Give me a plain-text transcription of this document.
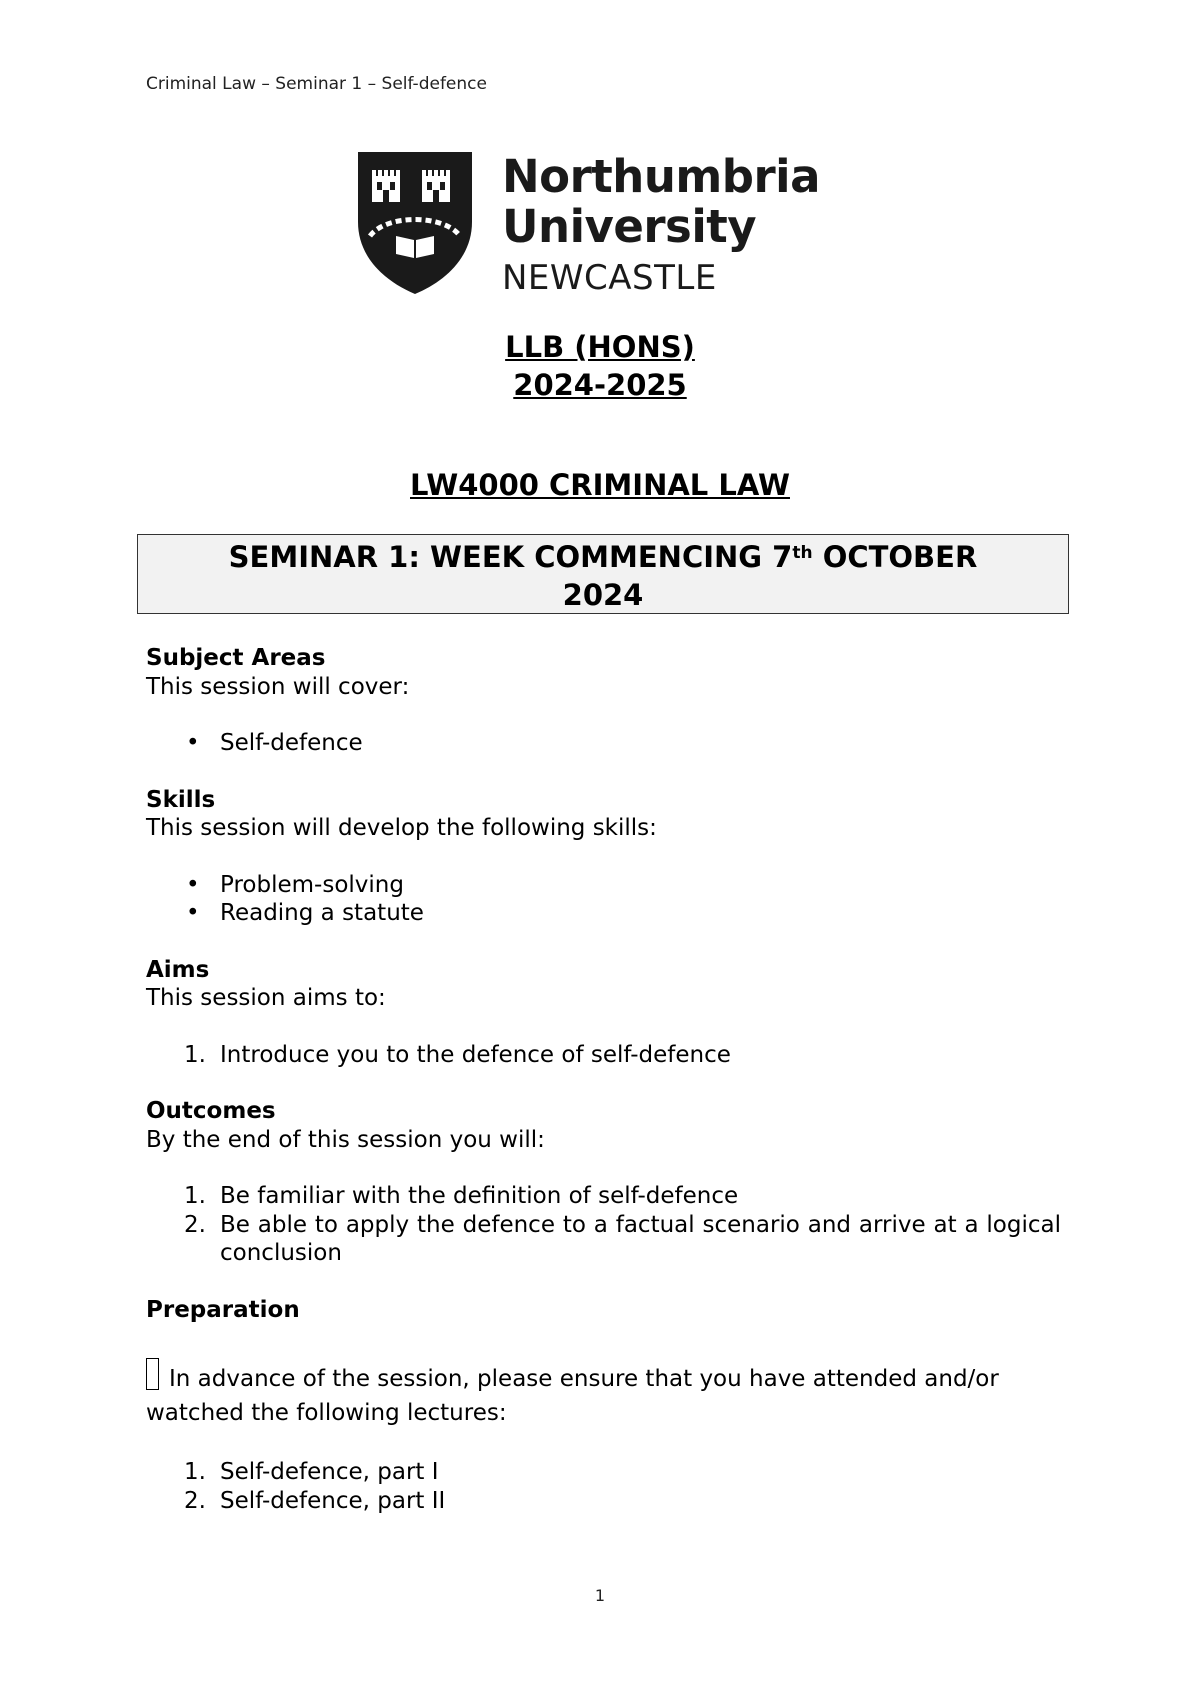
Criminal Law – Seminar 1 – Self-defence
Northumbria
University
NEWCASTLE
LLB (HONS)
2024-2025
LW4000 CRIMINAL LAW
SEMINAR 1: WEEK COMMENCING 7th OCTOBER
2024
Subject Areas
This session will cover:
• Self-defence
Skills
This session will develop the following skills:
• Problem-solving
• Reading a statute
Aims
This session aims to:
1. Introduce you to the defence of self-defence
Outcomes
By the end of this session you will:
1. Be familiar with the definition of self-defence
2. Be able to apply the defence to a factual scenario and arrive at a logical conclusion
Preparation
In advance of the session, please ensure that you have attended and/or watched the following lectures:
1. Self-defence, part I
2. Self-defence, part II
1
